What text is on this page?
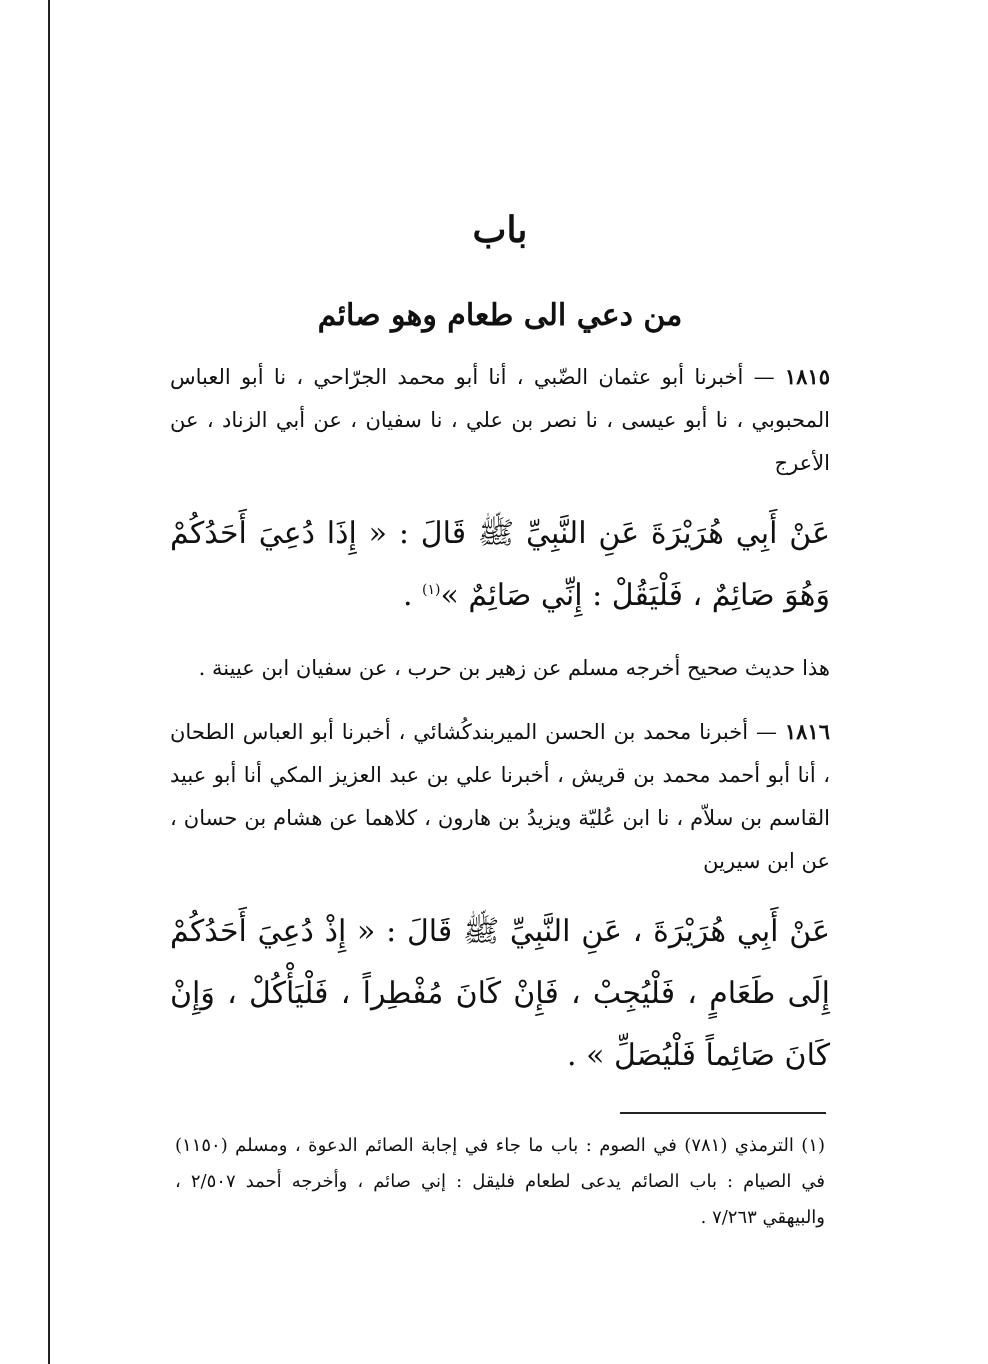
باب
من دعي الى طعام وهو صائم

١٨١٥ — أخبرنا أبو عثمان الضّبي ، أنا أبو محمد الجرّاحي ، نا أبو العباس المحبوبي ، نا أبو عيسى ، نا نصر بن علي ، نا سفيان ، عن أبي الزناد ، عن الأعرج

عَنْ أَبِي هُرَيْرَةَ عَنِ النَّبِيِّ ﷺ قَالَ : « إِذَا دُعِيَ أَحَدُكُمْ وَهُوَ صَائِمٌ ، فَلْيَقُلْ : إِنِّي صَائِمٌ »$^{(١)}$ .

هذا حديث صحيح أخرجه مسلم عن زهير بن حرب ، عن سفيان ابن عيينة .

١٨١٦ — أخبرنا محمد بن الحسن الميربندكُشائي ، أخبرنا أبو العباس الطحان ، أنا أبو أحمد محمد بن قريش ، أخبرنا علي بن عبد العزيز المكي أنا أبو عبيد القاسم بن سلاّم ، نا ابن عُليّة ويزيدُ بن هارون ، كلاهما عن هشام بن حسان ، عن ابن سيرين

عَنْ أَبِي هُرَيْرَةَ ، عَنِ النَّبِيِّ ﷺ قَالَ : « إِذْ دُعِيَ أَحَدُكُمْ إِلَى طَعَامٍ ، فَلْيُجِبْ ، فَإِنْ كَانَ مُفْطِراً ، فَلْيَأْكُلْ ، وَإِنْ كَانَ صَائِماً فَلْيُصَلِّ » .

(١) الترمذي (٧٨١) في الصوم : باب ما جاء في إجابة الصائم الدعوة ، ومسلم (١١٥٠) في الصيام : باب الصائم يدعى لطعام فليقل : إني صائم ، وأخرجه أحمد ٢/٥٠٧ ، والبيهقي ٧/٢٦٣ .
